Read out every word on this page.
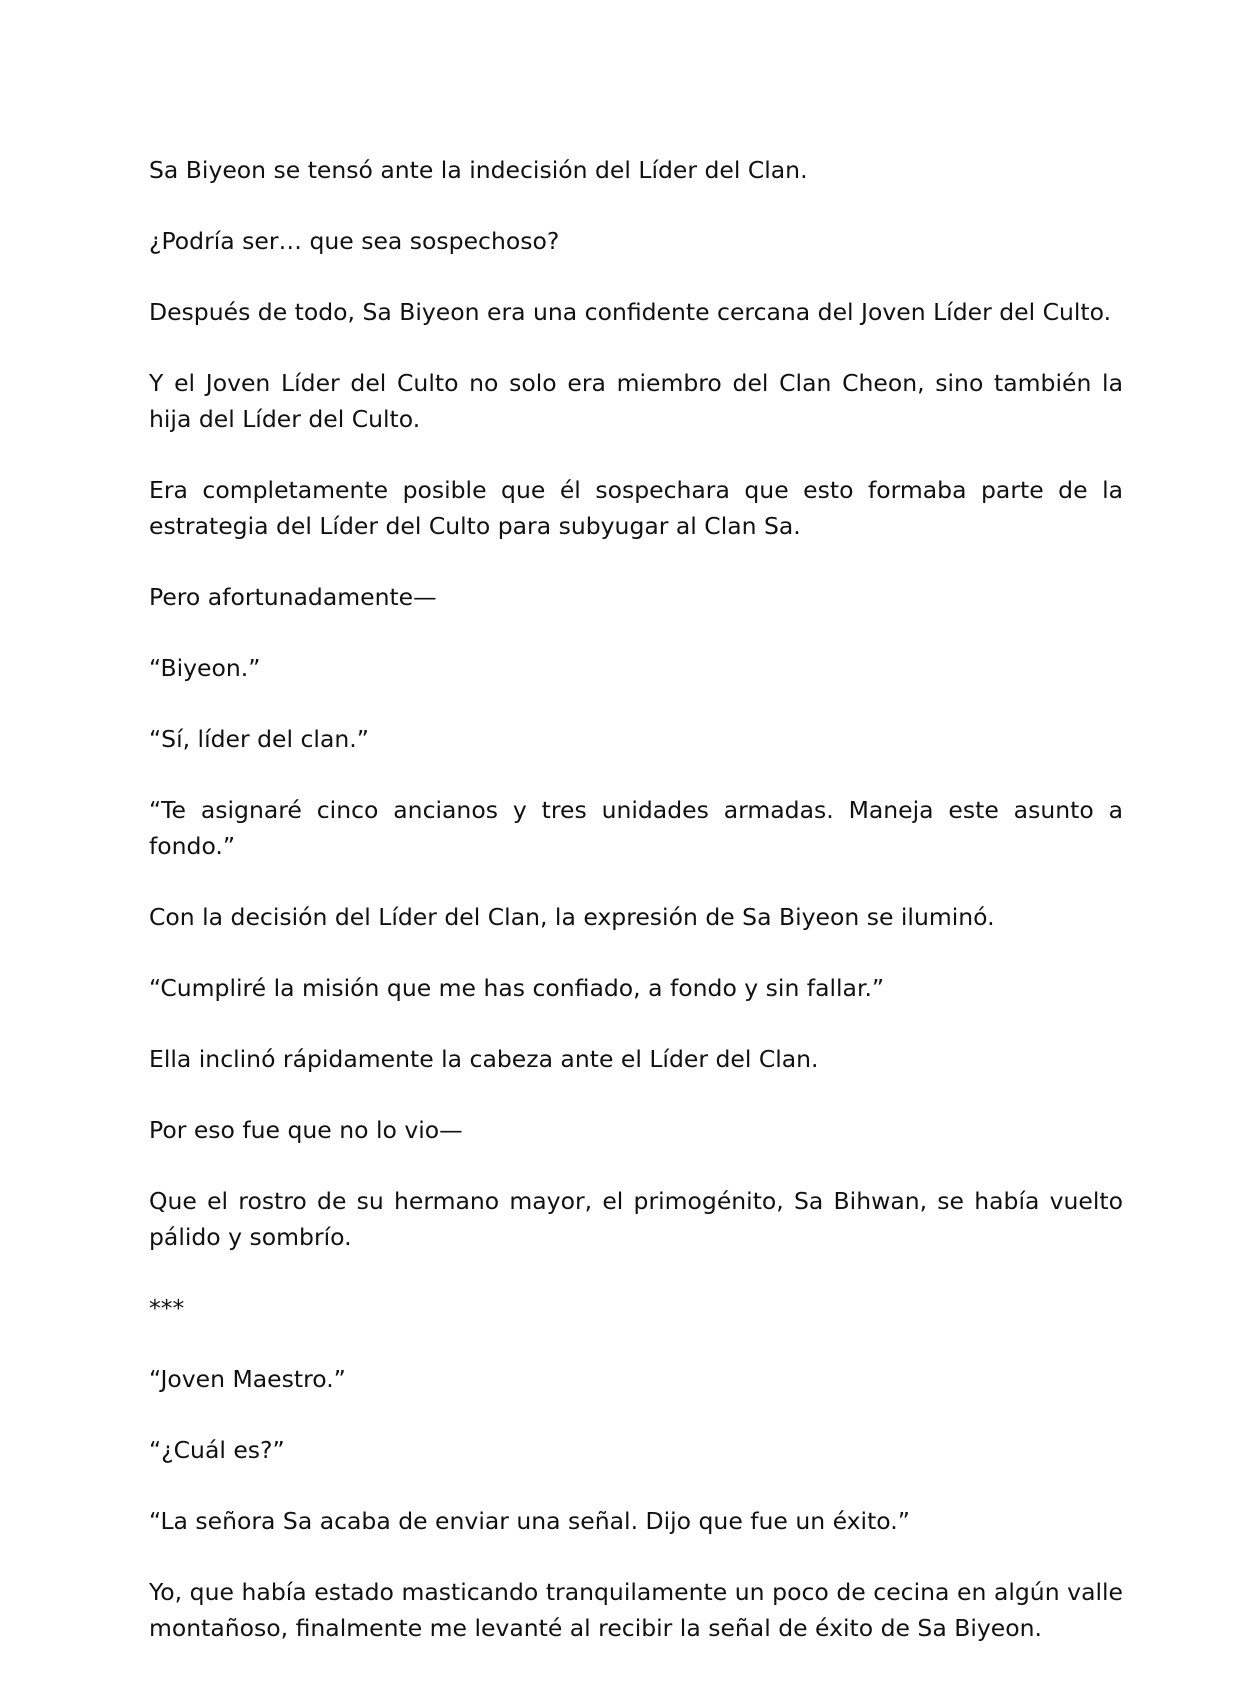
Sa Biyeon se tensó ante la indecisión del Líder del Clan.

¿Podría ser… que sea sospechoso?

Después de todo, Sa Biyeon era una confidente cercana del Joven Líder del Culto.

Y el Joven Líder del Culto no solo era miembro del Clan Cheon, sino también la hija del Líder del Culto.

Era completamente posible que él sospechara que esto formaba parte de la estrategia del Líder del Culto para subyugar al Clan Sa.

Pero afortunadamente—

“Biyeon.”

“Sí, líder del clan.”

“Te asignaré cinco ancianos y tres unidades armadas. Maneja este asunto a fondo.”

Con la decisión del Líder del Clan, la expresión de Sa Biyeon se iluminó.

“Cumpliré la misión que me has confiado, a fondo y sin fallar.”

Ella inclinó rápidamente la cabeza ante el Líder del Clan.

Por eso fue que no lo vio—

Que el rostro de su hermano mayor, el primogénito, Sa Bihwan, se había vuelto pálido y sombrío.

***

“Joven Maestro.”

“¿Cuál es?”

“La señora Sa acaba de enviar una señal. Dijo que fue un éxito.”

Yo, que había estado masticando tranquilamente un poco de cecina en algún valle montañoso, finalmente me levanté al recibir la señal de éxito de Sa Biyeon.
